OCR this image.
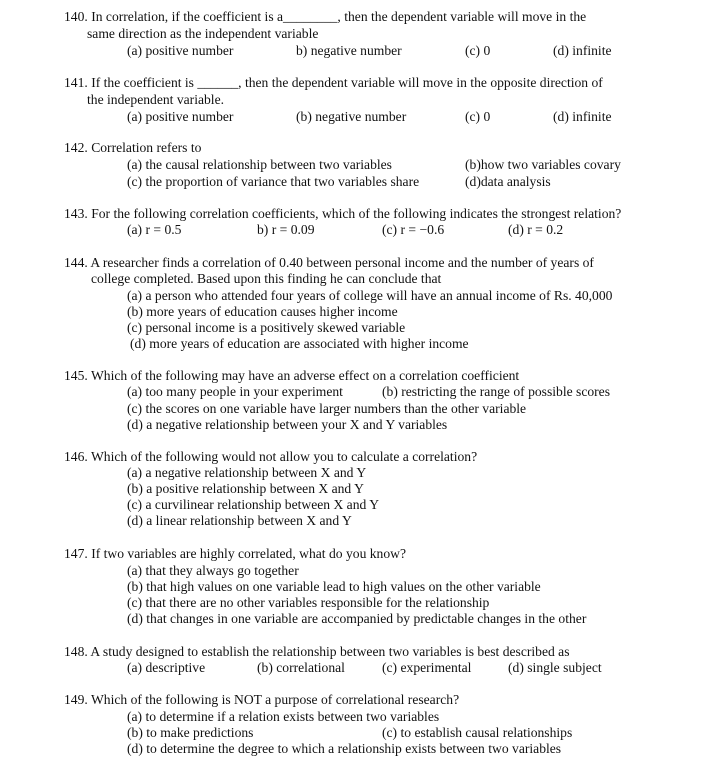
140. In correlation, if the coefficient is a________, then the dependent variable will move in the
same direction as the independent variable
(a) positive number	b) negative number	(c) 0	(d) infinite
141. If the coefficient is ______, then the dependent variable will move in the opposite direction of
the independent variable.
(a) positive number	(b) negative number	(c) 0	(d) infinite
142. Correlation refers to
(a) the causal relationship between two variables	(b)how two variables covary
(c) the proportion of variance that two variables share	(d)data analysis
143. For the following correlation coefficients, which of the following indicates the strongest relation?
(a) r = 0.5	b) r = 0.09	(c) r = −0.6	(d) r = 0.2
144. A researcher finds a correlation of 0.40 between personal income and the number of years of
college completed. Based upon this finding he can conclude that
(a) a person who attended four years of college will have an annual income of Rs. 40,000
(b) more years of education causes higher income
(c) personal income is a positively skewed variable
(d) more years of education are associated with higher income
145. Which of the following may have an adverse effect on a correlation coefficient
(a) too many people in your experiment	(b) restricting the range of possible scores
(c) the scores on one variable have larger numbers than the other variable
(d) a negative relationship between your X and Y variables
146. Which of the following would not allow you to calculate a correlation?
(a) a negative relationship between X and Y
(b) a positive relationship between X and Y
(c) a curvilinear relationship between X and Y
(d) a linear relationship between X and Y
147. If two variables are highly correlated, what do you know?
(a) that they always go together
(b) that high values on one variable lead to high values on the other variable
(c) that there are no other variables responsible for the relationship
(d) that changes in one variable are accompanied by predictable changes in the other
148. A study designed to establish the relationship between two variables is best described as
(a) descriptive	(b) correlational	(c) experimental	(d) single subject
149. Which of the following is NOT a purpose of correlational research?
(a) to determine if a relation exists between two variables
(b) to make predictions	(c) to establish causal relationships
(d) to determine the degree to which a relationship exists between two variables
